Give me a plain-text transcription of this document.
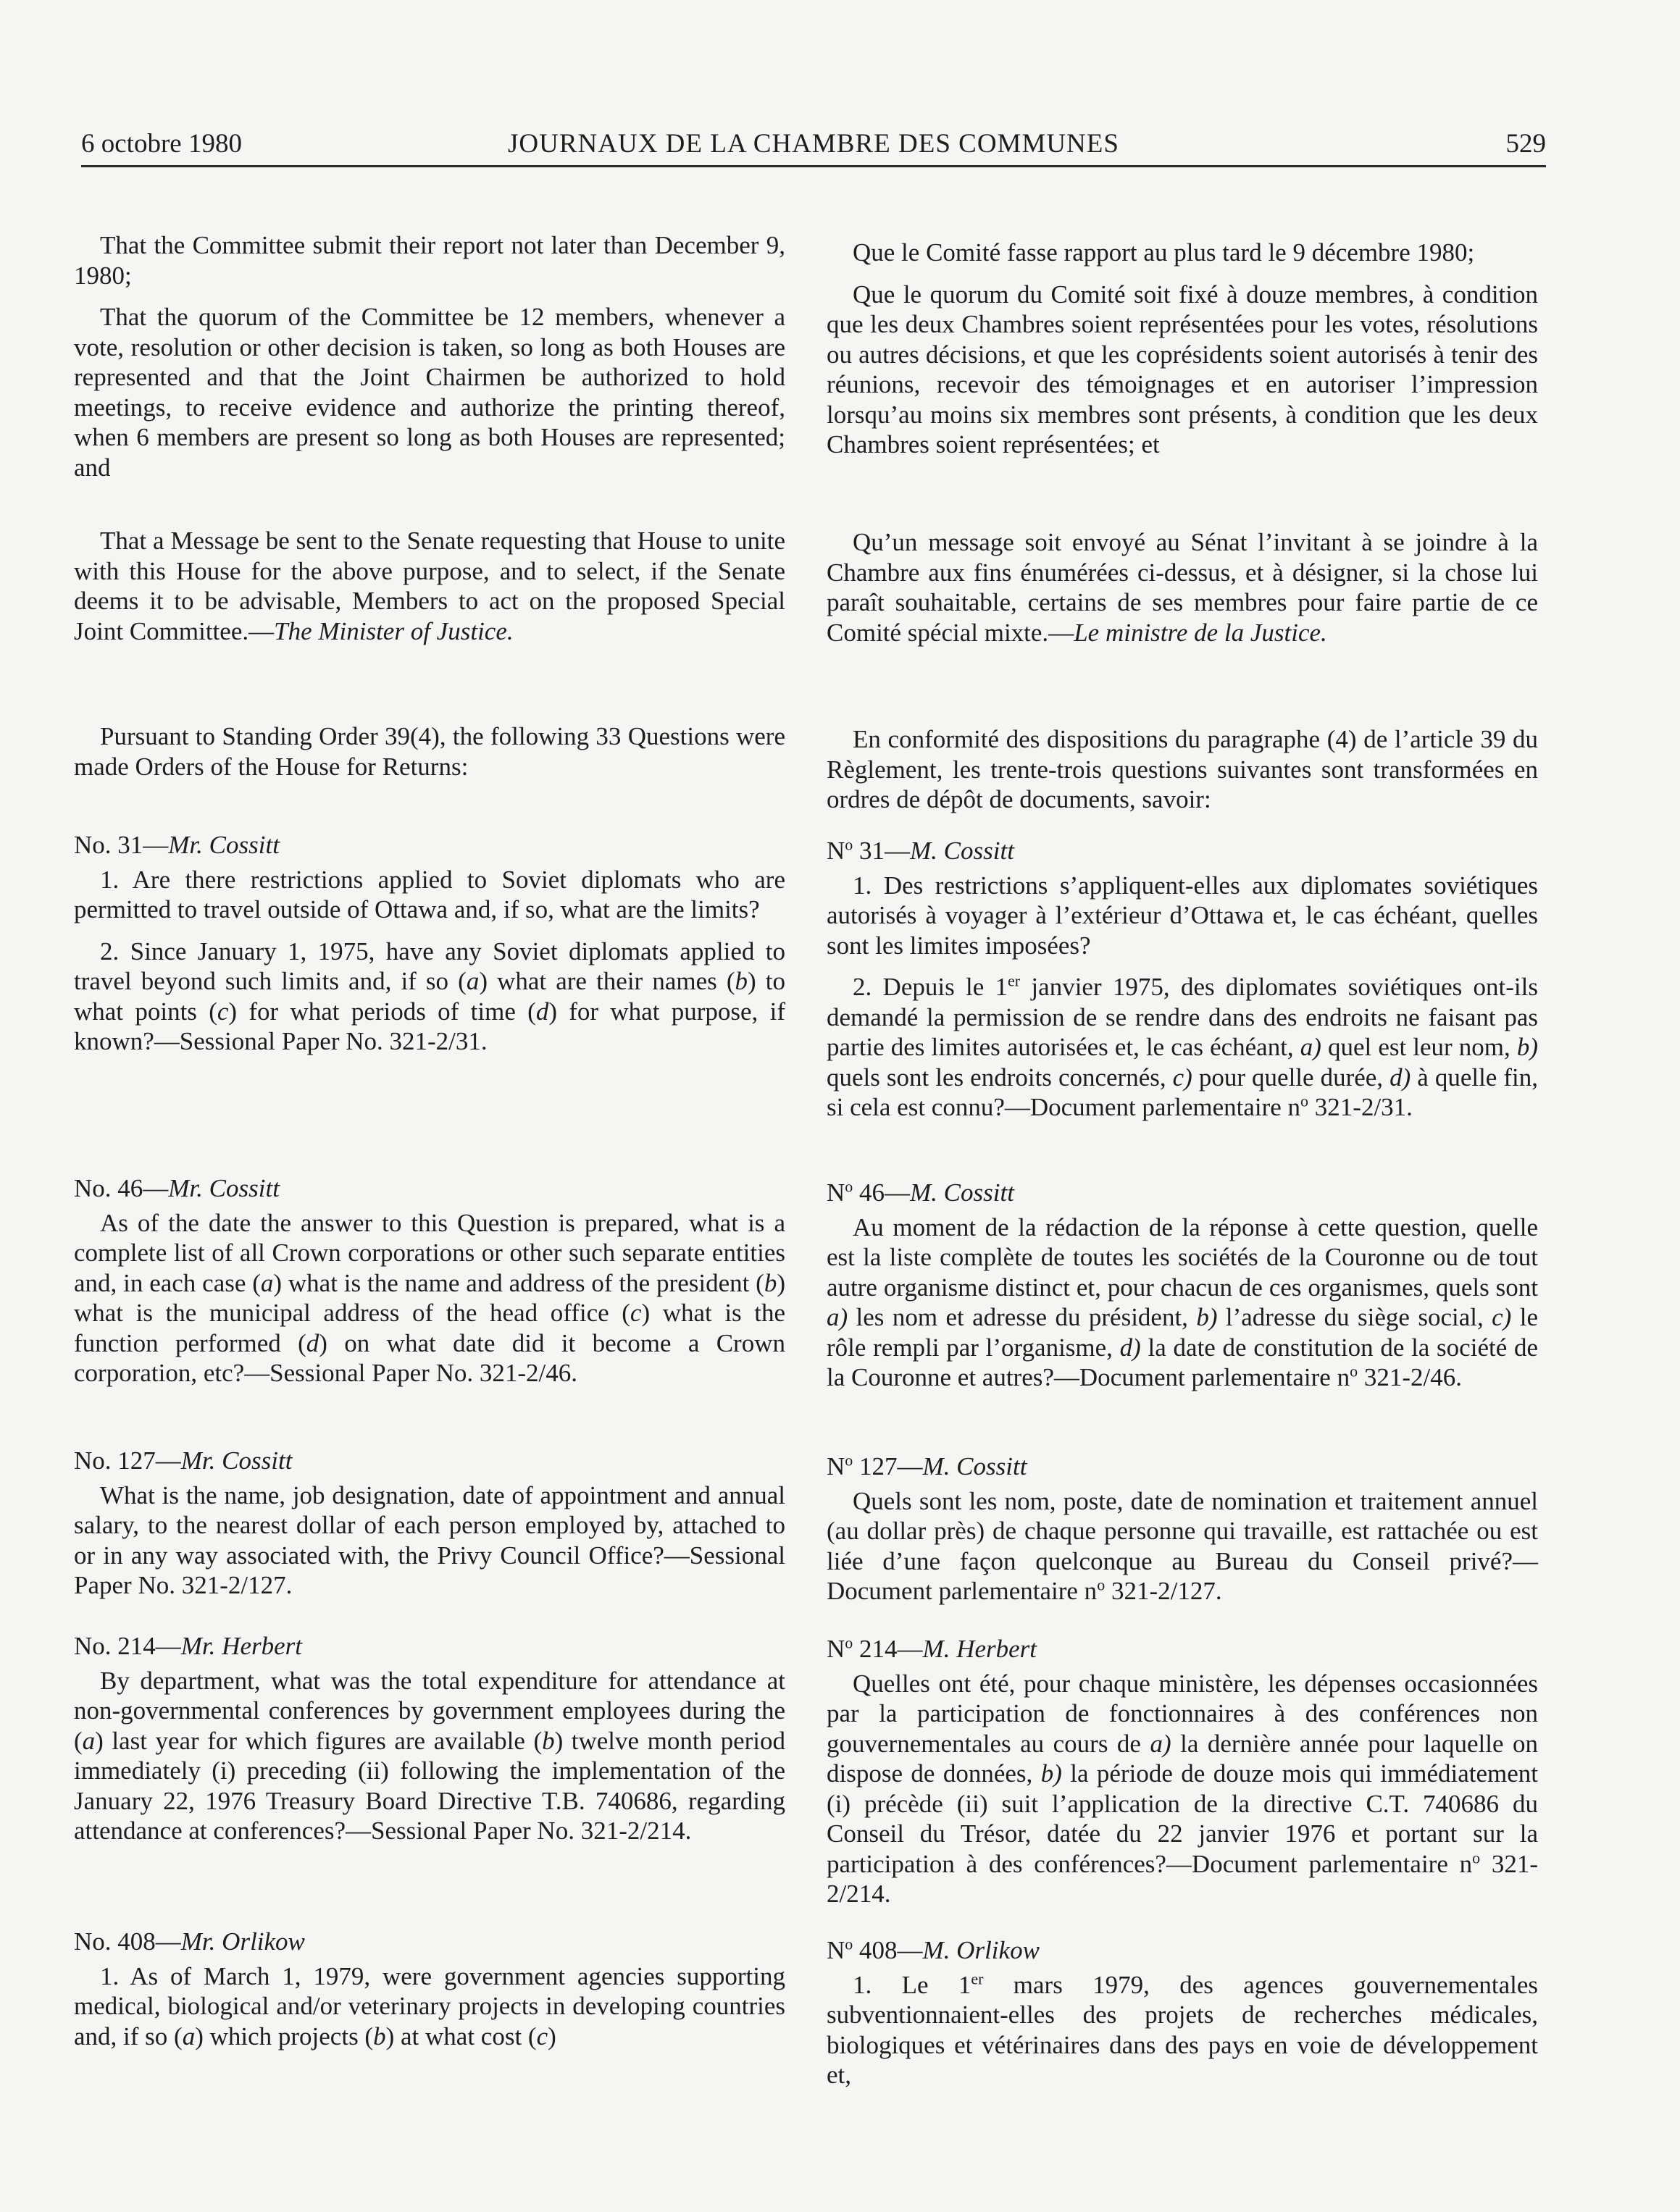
6 octobre 1980	JOURNAUX DE LA CHAMBRE DES COMMUNES	529

That the Committee submit their report not later than December 9, 1980;

That the quorum of the Committee be 12 members, whenever a vote, resolution or other decision is taken, so long as both Houses are represented and that the Joint Chairmen be authorized to hold meetings, to receive evidence and authorize the printing thereof, when 6 members are present so long as both Houses are represented; and

That a Message be sent to the Senate requesting that House to unite with this House for the above purpose, and to select, if the Senate deems it to be advisable, Members to act on the proposed Special Joint Committee.—The Minister of Justice.

Pursuant to Standing Order 39(4), the following 33 Questions were made Orders of the House for Returns:

No. 31—Mr. Cossitt

1. Are there restrictions applied to Soviet diplomats who are permitted to travel outside of Ottawa and, if so, what are the limits?

2. Since January 1, 1975, have any Soviet diplomats applied to travel beyond such limits and, if so (a) what are their names (b) to what points (c) for what periods of time (d) for what purpose, if known?—Sessional Paper No. 321-2/31.

No. 46—Mr. Cossitt

As of the date the answer to this Question is prepared, what is a complete list of all Crown corporations or other such separate entities and, in each case (a) what is the name and address of the president (b) what is the municipal address of the head office (c) what is the function performed (d) on what date did it become a Crown corporation, etc?—Sessional Paper No. 321-2/46.

No. 127—Mr. Cossitt

What is the name, job designation, date of appointment and annual salary, to the nearest dollar of each person employed by, attached to or in any way associated with, the Privy Council Office?—Sessional Paper No. 321-2/127.

No. 214—Mr. Herbert

By department, what was the total expenditure for attendance at non-governmental conferences by government employees during the (a) last year for which figures are available (b) twelve month period immediately (i) preceding (ii) following the implementation of the January 22, 1976 Treasury Board Directive T.B. 740686, regarding attendance at conferences?—Sessional Paper No. 321-2/214.

No. 408—Mr. Orlikow

1. As of March 1, 1979, were government agencies supporting medical, biological and/or veterinary projects in developing countries and, if so (a) which projects (b) at what cost (c)

Que le Comité fasse rapport au plus tard le 9 décembre 1980;

Que le quorum du Comité soit fixé à douze membres, à condition que les deux Chambres soient représentées pour les votes, résolutions ou autres décisions, et que les coprésidents soient autorisés à tenir des réunions, recevoir des témoignages et en autoriser l’impression lorsqu’au moins six membres sont présents, à condition que les deux Chambres soient représentées; et

Qu’un message soit envoyé au Sénat l’invitant à se joindre à la Chambre aux fins énumérées ci-dessus, et à désigner, si la chose lui paraît souhaitable, certains de ses membres pour faire partie de ce Comité spécial mixte.—Le ministre de la Justice.

En conformité des dispositions du paragraphe (4) de l’article 39 du Règlement, les trente-trois questions suivantes sont transformées en ordres de dépôt de documents, savoir:

$N^o$ 31—M. Cossitt

1. Des restrictions s’appliquent-elles aux diplomates soviétiques autorisés à voyager à l’extérieur d’Ottawa et, le cas échéant, quelles sont les limites imposées?

2. Depuis le 1er janvier 1975, des diplomates soviétiques ont-ils demandé la permission de se rendre dans des endroits ne faisant pas partie des limites autorisées et, le cas échéant, a) quel est leur nom, b) quels sont les endroits concernés, c) pour quelle durée, d) à quelle fin, si cela est connu?—Document parlementaire $n^o$ 321-2/31.

$N^o$ 46—M. Cossitt

Au moment de la rédaction de la réponse à cette question, quelle est la liste complète de toutes les sociétés de la Couronne ou de tout autre organisme distinct et, pour chacun de ces organismes, quels sont a) les nom et adresse du président, b) l’adresse du siège social, c) le rôle rempli par l’organisme, d) la date de constitution de la société de la Couronne et autres?—Document parlementaire $n^o$ 321-2/46.

$N^o$ 127—M. Cossitt

Quels sont les nom, poste, date de nomination et traitement annuel (au dollar près) de chaque personne qui travaille, est rattachée ou est liée d’une façon quelconque au Bureau du Conseil privé?—Document parlementaire $n^o$ 321-2/127.

$N^o$ 214—M. Herbert

Quelles ont été, pour chaque ministère, les dépenses occasionnées par la participation de fonctionnaires à des conférences non gouvernementales au cours de a) la dernière année pour laquelle on dispose de données, b) la période de douze mois qui immédiatement (i) précède (ii) suit l’application de la directive C.T. 740686 du Conseil du Trésor, datée du 22 janvier 1976 et portant sur la participation à des conférences?—Document parlementaire $n^o$ 321-2/214.

$N^o$ 408—M. Orlikow

1. Le 1er mars 1979, des agences gouvernementales subventionnaient-elles des projets de recherches médicales, biologiques et vétérinaires dans des pays en voie de développement et,
